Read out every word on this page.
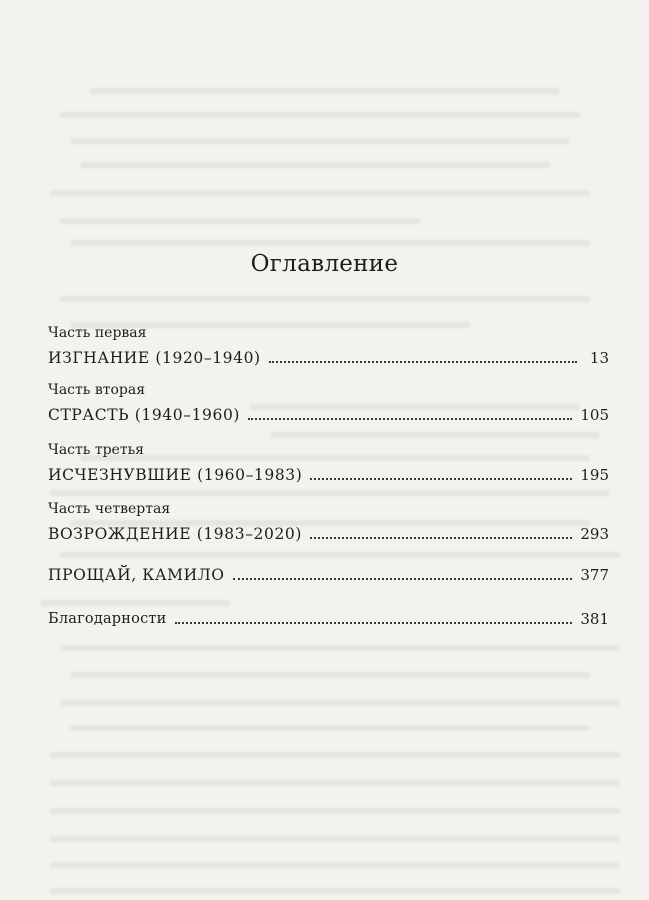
Оглавление
Часть первая
ИЗГНАНИЕ (1920–1940)	13
Часть вторая
СТРАСТЬ (1940–1960)	105
Часть третья
ИСЧЕЗНУВШИЕ (1960–1983)	195
Часть четвертая
ВОЗРОЖДЕНИЕ (1983–2020)	293
ПРОЩАЙ, КАМИЛО	377
Благодарности	381
